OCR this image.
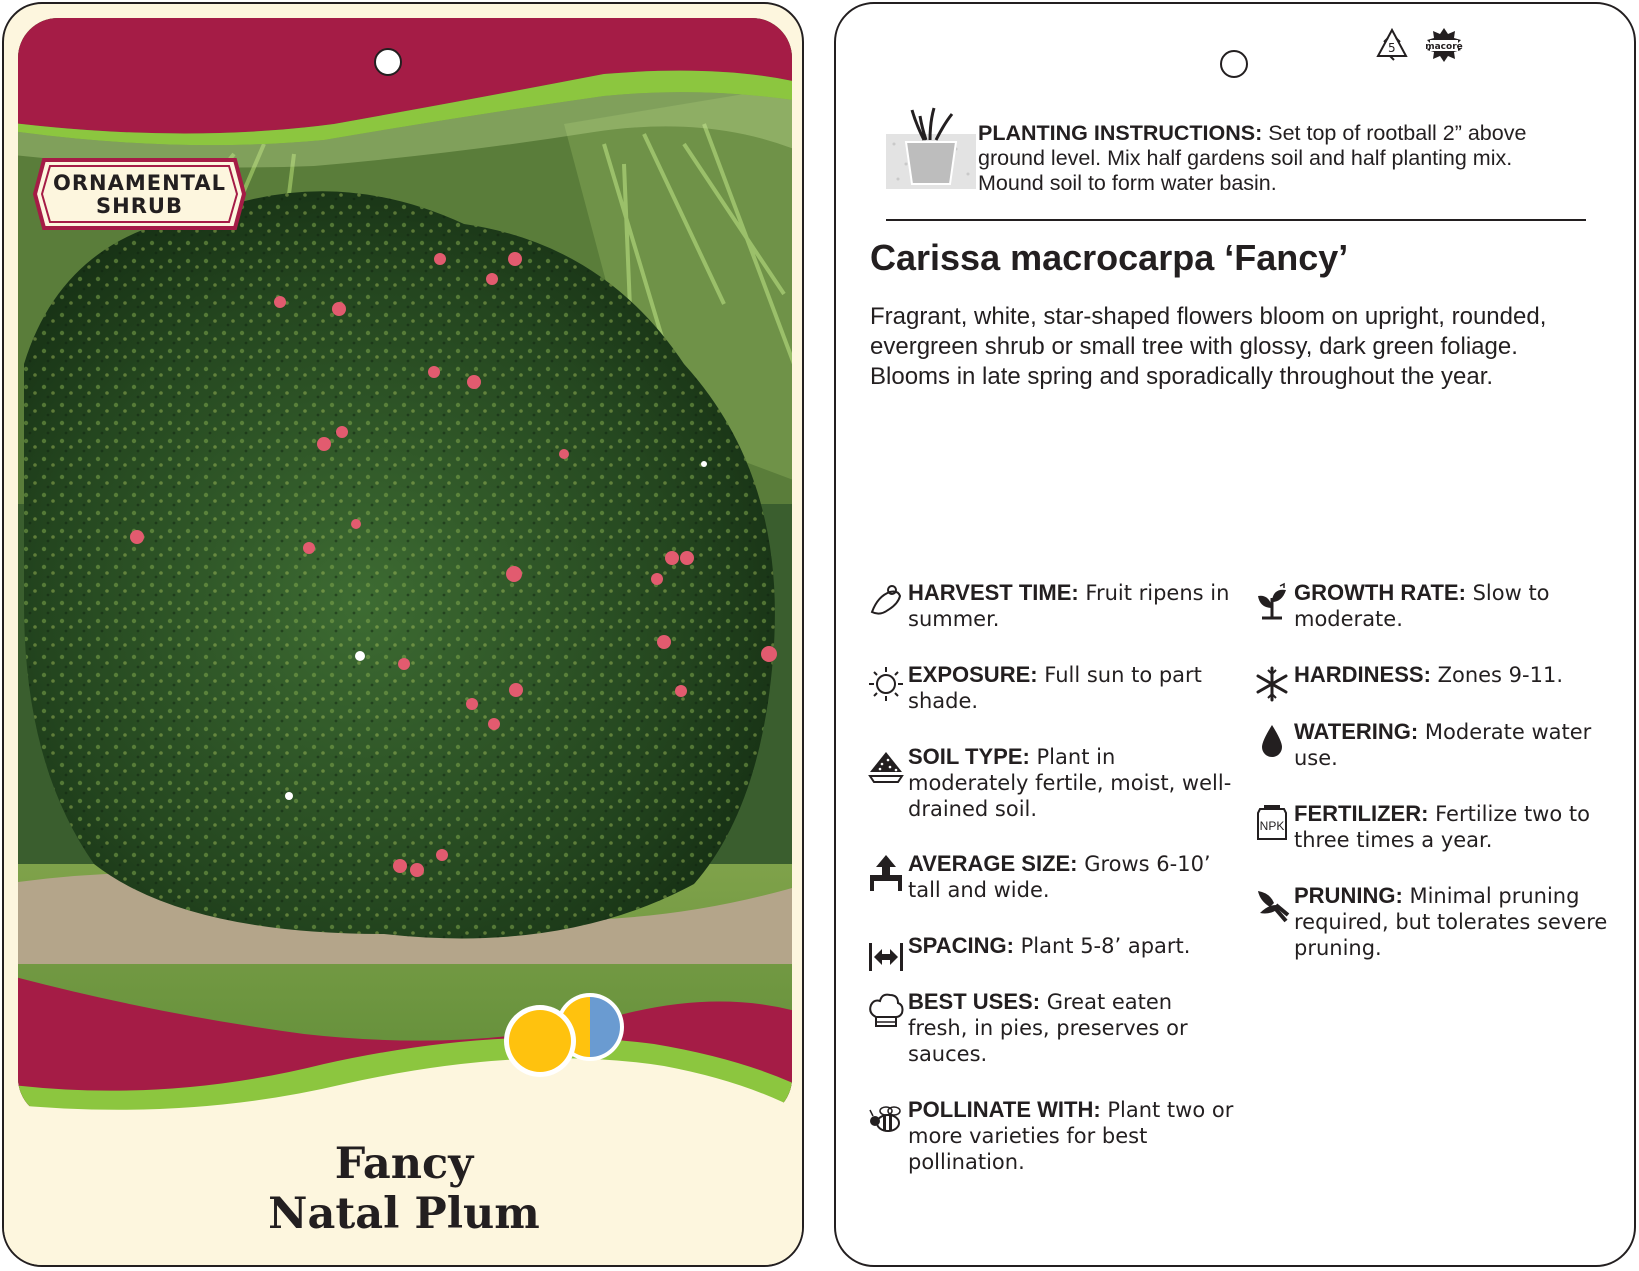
ORNAMENTAL
SHRUB
Fancy
Natal Plum
5	macore
PLANTING INSTRUCTIONS: Set top of rootball 2” above ground level. Mix half gardens soil and half planting mix. Mound soil to form water basin.
Carissa macrocarpa ‘Fancy’
Fragrant, white, star-shaped flowers bloom on upright, rounded, evergreen shrub or small tree with glossy, dark green foliage. Blooms in late spring and sporadically throughout the year.
HARVEST TIME: Fruit ripens in summer.
EXPOSURE: Full sun to part shade.
SOIL TYPE: Plant in moderately fertile, moist, well-drained soil.
AVERAGE SIZE: Grows 6-10’ tall and wide.
SPACING: Plant 5-8’ apart.
BEST USES: Great eaten fresh, in pies, preserves or sauces.
POLLINATE WITH: Plant two or more varieties for best pollination.
GROWTH RATE: Slow to moderate.
HARDINESS: Zones 9-11.
WATERING: Moderate water use.
NPK FERTILIZER: Fertilize two to three times a year.
PRUNING: Minimal pruning required, but tolerates severe pruning.
